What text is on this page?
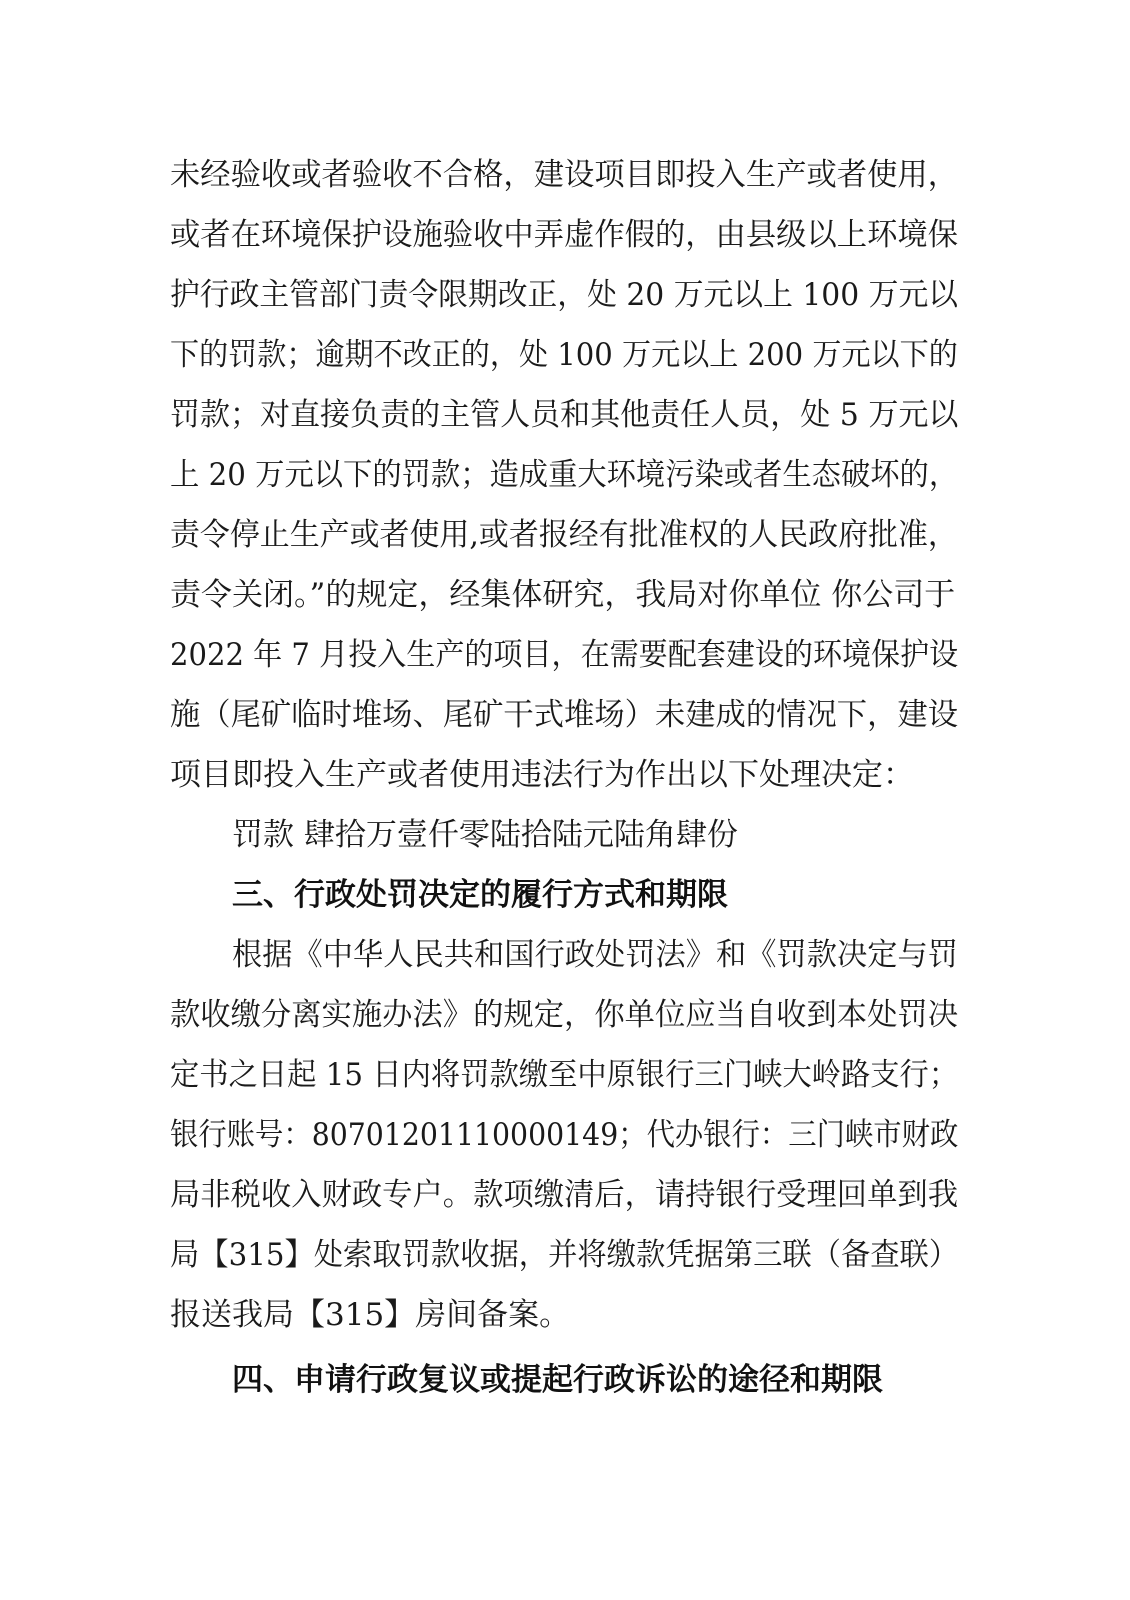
未经验收或者验收不合格，建设项目即投入生产或者使用，
或者在环境保护设施验收中弄虚作假的，由县级以上环境保
护行政主管部门责令限期改正，处 20 万元以上 100 万元以
下的罚款；逾期不改正的，处 100 万元以上 200 万元以下的
罚款；对直接负责的主管人员和其他责任人员，处 5 万元以
上 20 万元以下的罚款；造成重大环境污染或者生态破坏的，
责令停止生产或者使用,或者报经有批准权的人民政府批准，
责令关闭。”的规定，经集体研究，我局对你单位 你公司于
2022 年 7 月投入生产的项目，在需要配套建设的环境保护设
施（尾矿临时堆场、尾矿干式堆场）未建成的情况下，建设
项目即投入生产或者使用违法行为作出以下处理决定：
罚款 肆拾万壹仟零陆拾陆元陆角肆份
三、行政处罚决定的履行方式和期限
根据《中华人民共和国行政处罚法》和《罚款决定与罚
款收缴分离实施办法》的规定，你单位应当自收到本处罚决
定书之日起 15 日内将罚款缴至中原银行三门峡大岭路支行；
银行账号：80701201110000149；代办银行：三门峡市财政
局非税收入财政专户。款项缴清后，请持银行受理回单到我
局【315】处索取罚款收据，并将缴款凭据第三联（备查联）
报送我局【315】房间备案。
四、申请行政复议或提起行政诉讼的途径和期限
